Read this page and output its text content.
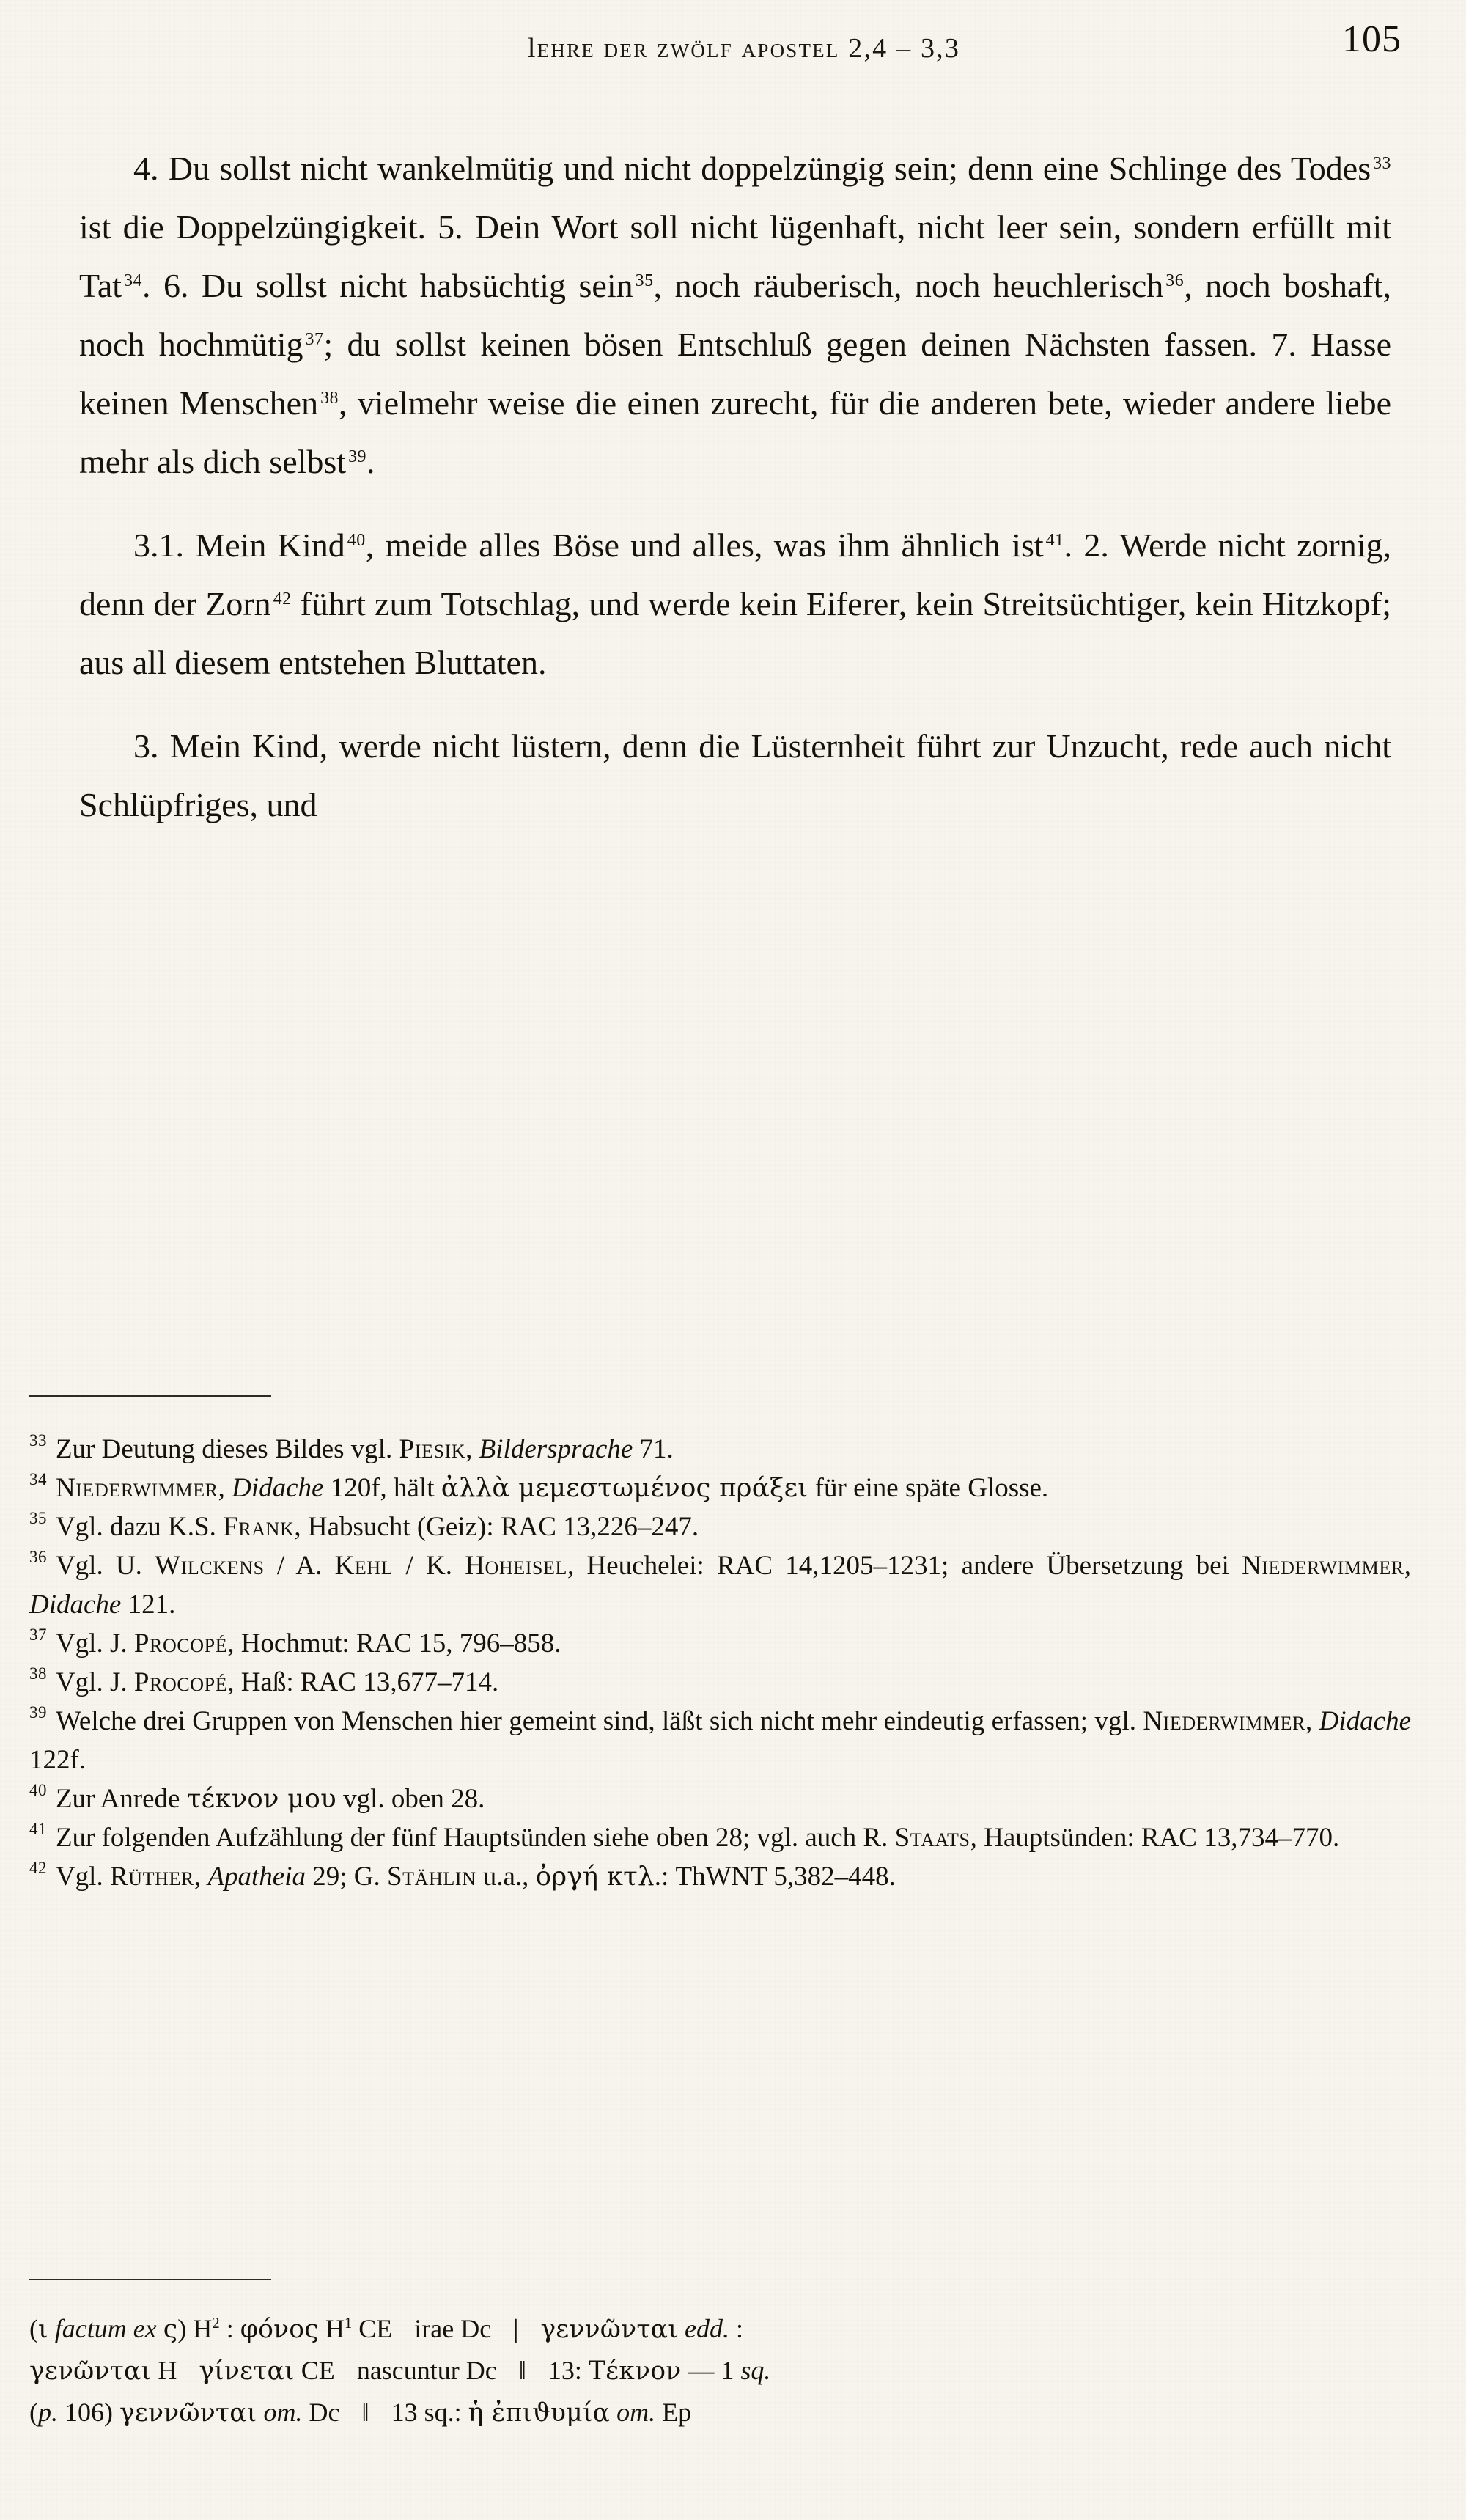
lehre der zwölf apostel 2,4 – 3,3	105

4. Du sollst nicht wankelmütig und nicht doppelzüngig sein; denn eine Schlinge des Todes $^{33}$ ist die Doppelzüngigkeit. 5. Dein Wort soll nicht lügenhaft, nicht leer sein, sondern erfüllt mit Tat $^{34}$. 6. Du sollst nicht habsüchtig sein $^{35}$, noch räuberisch, noch heuchlerisch $^{36}$, noch boshaft, noch hochmütig $^{37}$; du sollst keinen bösen Entschluß gegen deinen Nächsten fassen. 7. Hasse keinen Menschen $^{38}$, vielmehr weise die einen zurecht, für die anderen bete, wieder andere liebe mehr als dich selbst $^{39}$.

3.1. Mein Kind $^{40}$, meide alles Böse und alles, was ihm ähnlich ist $^{41}$. 2. Werde nicht zornig, denn der Zorn $^{42}$ führt zum Totschlag, und werde kein Eiferer, kein Streitsüchtiger, kein Hitzkopf; aus all diesem entstehen Bluttaten.

3. Mein Kind, werde nicht lüstern, denn die Lüsternheit führt zur Unzucht, rede auch nicht Schlüpfriges, und

$^{33}$ Zur Deutung dieses Bildes vgl. Piesik, Bildersprache 71.

$^{34}$ Niederwimmer, Didache 120f, hält ἀλλὰ μεμεστωμένος πράξει für eine späte Glosse.

$^{35}$ Vgl. dazu K.S. Frank, Habsucht (Geiz): RAC 13,226–247.

$^{36}$ Vgl. U. Wilckens / A. Kehl / K. Hoheisel, Heuchelei: RAC 14,1205–1231; andere Übersetzung bei Niederwimmer, Didache 121.

$^{37}$ Vgl. J. Procopé, Hochmut: RAC 15, 796–858.

$^{38}$ Vgl. J. Procopé, Haß: RAC 13,677–714.

$^{39}$ Welche drei Gruppen von Menschen hier gemeint sind, läßt sich nicht mehr eindeutig erfassen; vgl. Niederwimmer, Didache 122f.

$^{40}$ Zur Anrede τέκνον μου vgl. oben 28.

$^{41}$ Zur folgenden Aufzählung der fünf Hauptsünden siehe oben 28; vgl. auch R. Staats, Hauptsünden: RAC 13,734–770.

$^{42}$ Vgl. Rüther, Apatheia 29; G. Stählin u.a., ὀργή κτλ.: ThWNT 5,382–448.

(ι factum ex ς) $H^2$ : φόνος $H^1$ CE irae Dc | γεννῶνται edd. :

γενῶνται H γίνεται CE nascuntur Dc ‖ 13: Τέκνον — 1 sq.

(p. 106) γεννῶνται om. Dc ‖ 13 sq.: ἡ ἐπιϑυμία om. Ep
